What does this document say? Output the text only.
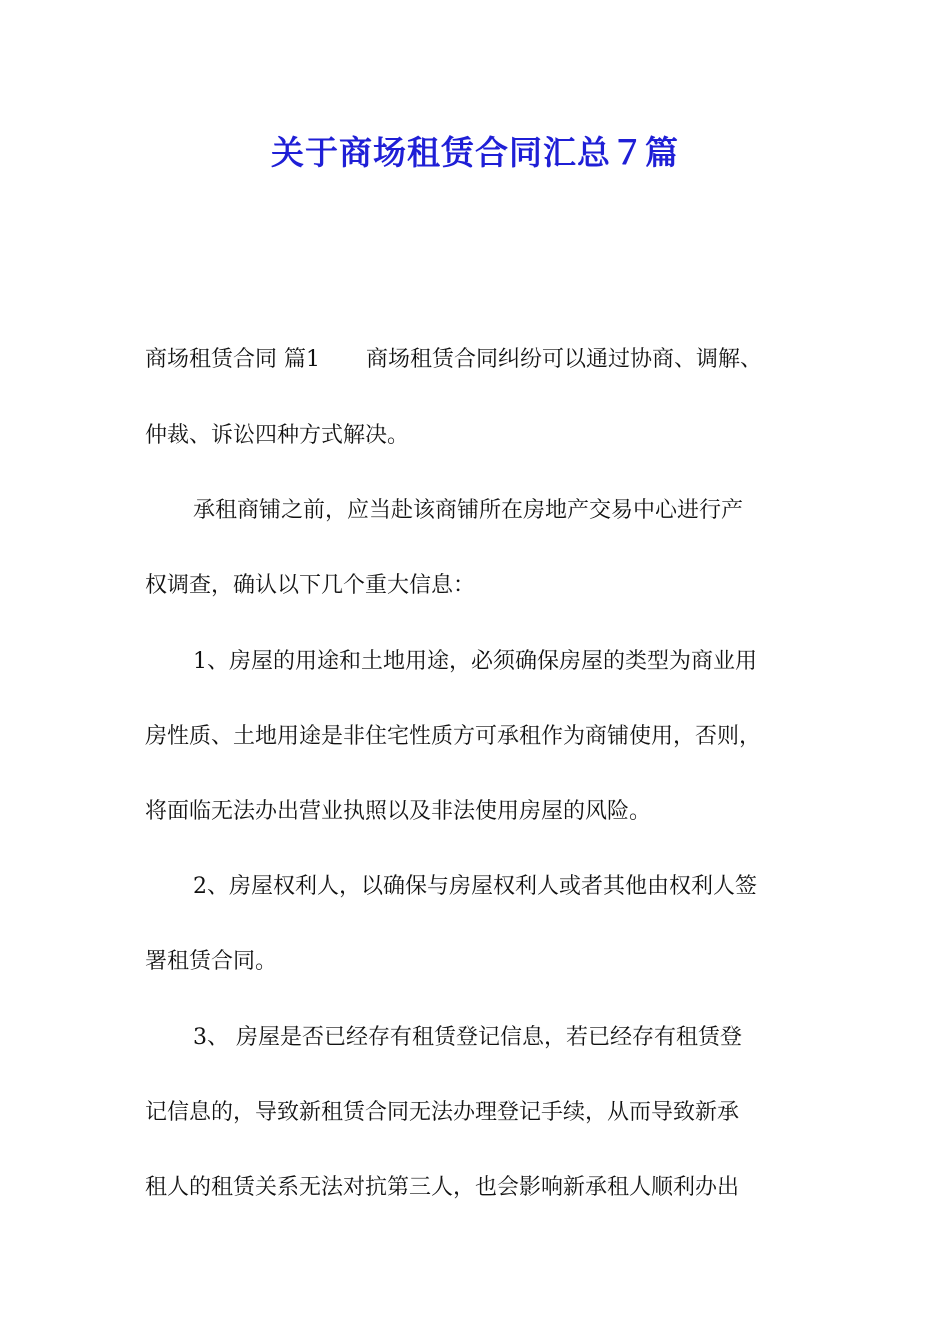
关于商场租赁合同汇总７篇

商场租赁合同 篇1 商场租赁合同纠纷可以通过协商、调解、

仲裁、诉讼四种方式解决。

承租商铺之前，应当赴该商铺所在房地产交易中心进行产

权调查，确认以下几个重大信息：

1、房屋的用途和土地用途，必须确保房屋的类型为商业用

房性质、土地用途是非住宅性质方可承租作为商铺使用，否则，

将面临无法办出营业执照以及非法使用房屋的风险。

2、房屋权利人，以确保与房屋权利人或者其他由权利人签

署租赁合同。

3、 房屋是否已经存有租赁登记信息，若已经存有租赁登

记信息的，导致新租赁合同无法办理登记手续，从而导致新承

租人的租赁关系无法对抗第三人，也会影响新承租人顺利办出
